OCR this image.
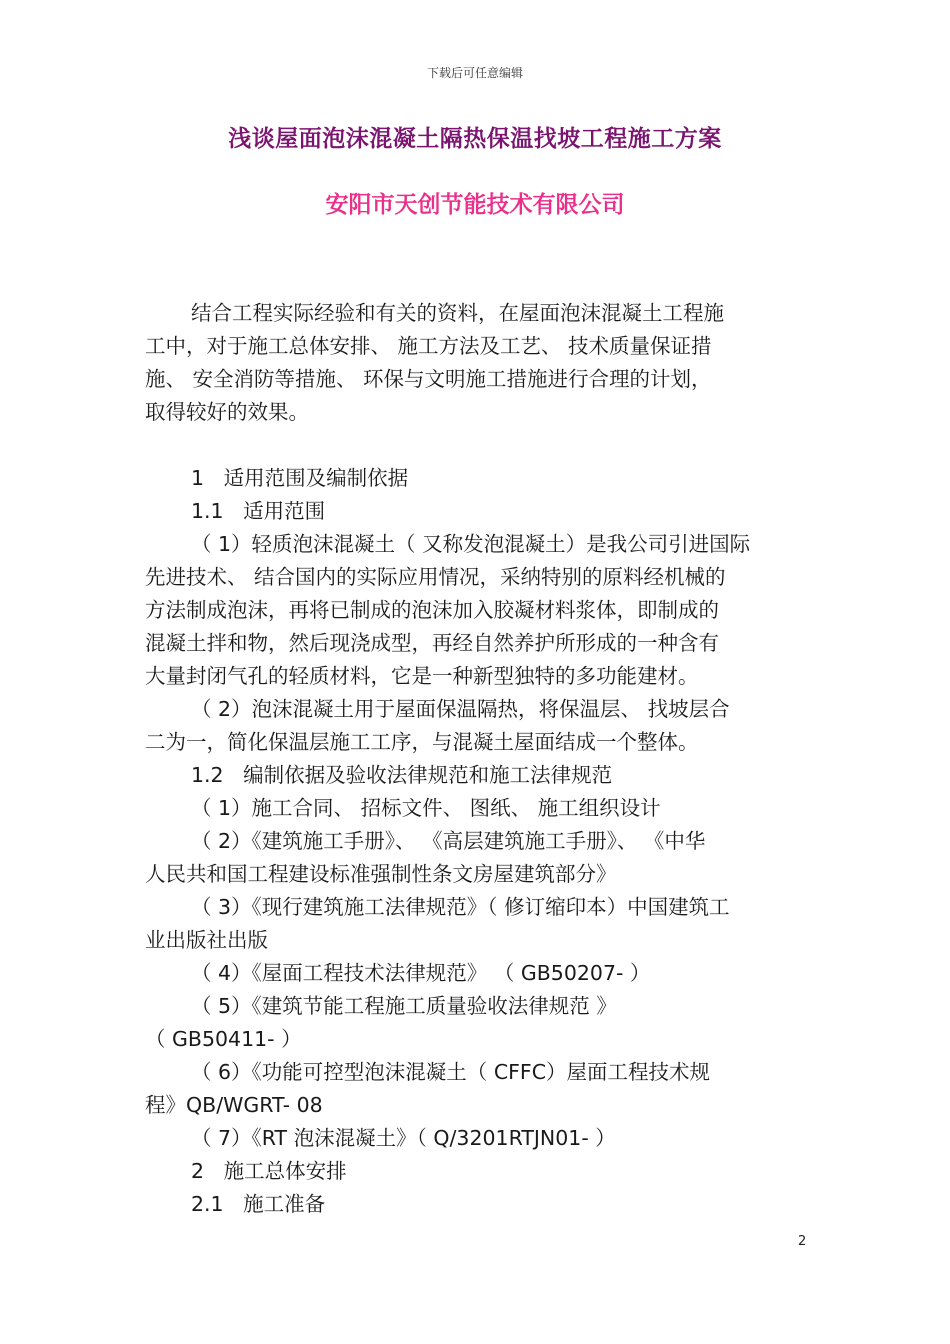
下载后可任意编辑
浅谈屋面泡沫混凝土隔热保温找坡工程施工方案
安阳市天创节能技术有限公司
结合工程实际经验和有关的资料，在屋面泡沫混凝土工程施
工中，对于施工总体安排、 施工方法及工艺、 技术质量保证措
施、 安全消防等措施、 环保与文明施工措施进行合理的计划，
取得较好的效果。
1   适用范围及编制依据
1.1   适用范围
（ 1）轻质泡沫混凝土（ 又称发泡混凝土）是我公司引进国际
先进技术、 结合国内的实际应用情况，采纳特别的原料经机械的
方法制成泡沫，再将已制成的泡沫加入胶凝材料浆体，即制成的
混凝土拌和物，然后现浇成型，再经自然养护所形成的一种含有
大量封闭气孔的轻质材料，它是一种新型独特的多功能建材。
（ 2）泡沫混凝土用于屋面保温隔热，将保温层、 找坡层合
二为一，简化保温层施工工序，与混凝土屋面结成一个整体。
1.2   编制依据及验收法律规范和施工法律规范
（ 1）施工合同、 招标文件、 图纸、 施工组织设计
（ 2）《建筑施工手册》、 《高层建筑施工手册》、 《中华
人民共和国工程建设标准强制性条文房屋建筑部分》
（ 3）《现行建筑施工法律规范》（ 修订缩印本）中国建筑工
业出版社出版
（ 4）《屋面工程技术法律规范》 （ GB50207- ）
（ 5）《建筑节能工程施工质量验收法律规范 》
（ GB50411- ）
（ 6）《功能可控型泡沫混凝土（ CFFC）屋面工程技术规
程》QB/WGRT- 08
（ 7）《RT 泡沫混凝土》（ Q/3201RTJN01- ）
2   施工总体安排
2.1   施工准备
2
